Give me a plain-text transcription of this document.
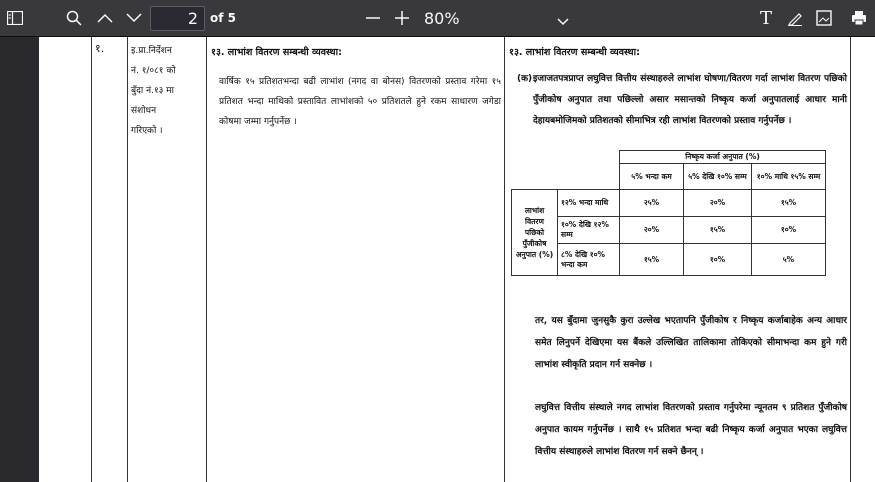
2
of 5	80%	T
१.	इ.प्रा.निर्देशन
नं. १/०८१ को
बुँदा नं.१३ मा
संशोधन
गरिएको ।
१३. लाभांश वितरण सम्बन्धी व्यवस्था:
वार्षिक १५ प्रतिशतभन्दा बढी लाभांश (नगद वा बोनस) वितरणको प्रस्ताव गरेमा १५ प्रतिशत भन्दा माथिको प्रस्तावित लाभांशको ५० प्रतिशतले हुने रकम साधारण जगेडा कोषमा जम्मा गर्नुपर्नेछ ।
१३. लाभांश वितरण सम्बन्धी व्यवस्था:
(क) इजाजतपत्रप्राप्त लघुवित्त वित्तीय संस्थाहरुले लाभांश घोषणा/वितरण गर्दा लाभांश वितरण पछिको पुँजीकोष अनुपात तथा पछिल्लो असार मसान्तको निष्कृय कर्जा अनुपातलाई आधार मानी देहायबमोजिमको प्रतिशतको सीमाभित्र रही लाभांश वितरणको प्रस्ताव गर्नुपर्नेछ ।
		निष्कृय कर्जा अनुपात (%)		
		५% भन्दा कम	५% देखि १०% सम्म	१०% माथि १५% सम्म
लाभांश वितरण पछिको पुँजीकोष अनुपात (%)	१२% भन्दा माथि	२५%	२०%	१५%
	१०% देखि १२% सम्म	२०%	१५%	१०%
	८% देखि १०% भन्दा कम	१५%	१०%	५%
तर, यस बुँदामा जुनसुकै कुरा उल्लेख भएतापनि पुँजीकोष र निष्कृय कर्जाबाहेक अन्य आधार समेत लिनुपर्ने देखिएमा यस बैंकले उल्लिखित तालिकामा तोकिएको सीमाभन्दा कम हुने गरी लाभांश स्वीकृति प्रदान गर्न सक्नेछ ।
लघुवित्त वित्तीय संस्थाले नगद लाभांश वितरणको प्रस्ताव गर्नुपरेमा न्यूनतम ९ प्रतिशत पुँजीकोष अनुपात कायम गर्नुपर्नेछ । साथै १५ प्रतिशत भन्दा बढी निष्कृय कर्जा अनुपात भएका लघुवित्त वित्तीय संस्थाहरुले लाभांश वितरण गर्न सक्ने छैनन् ।
